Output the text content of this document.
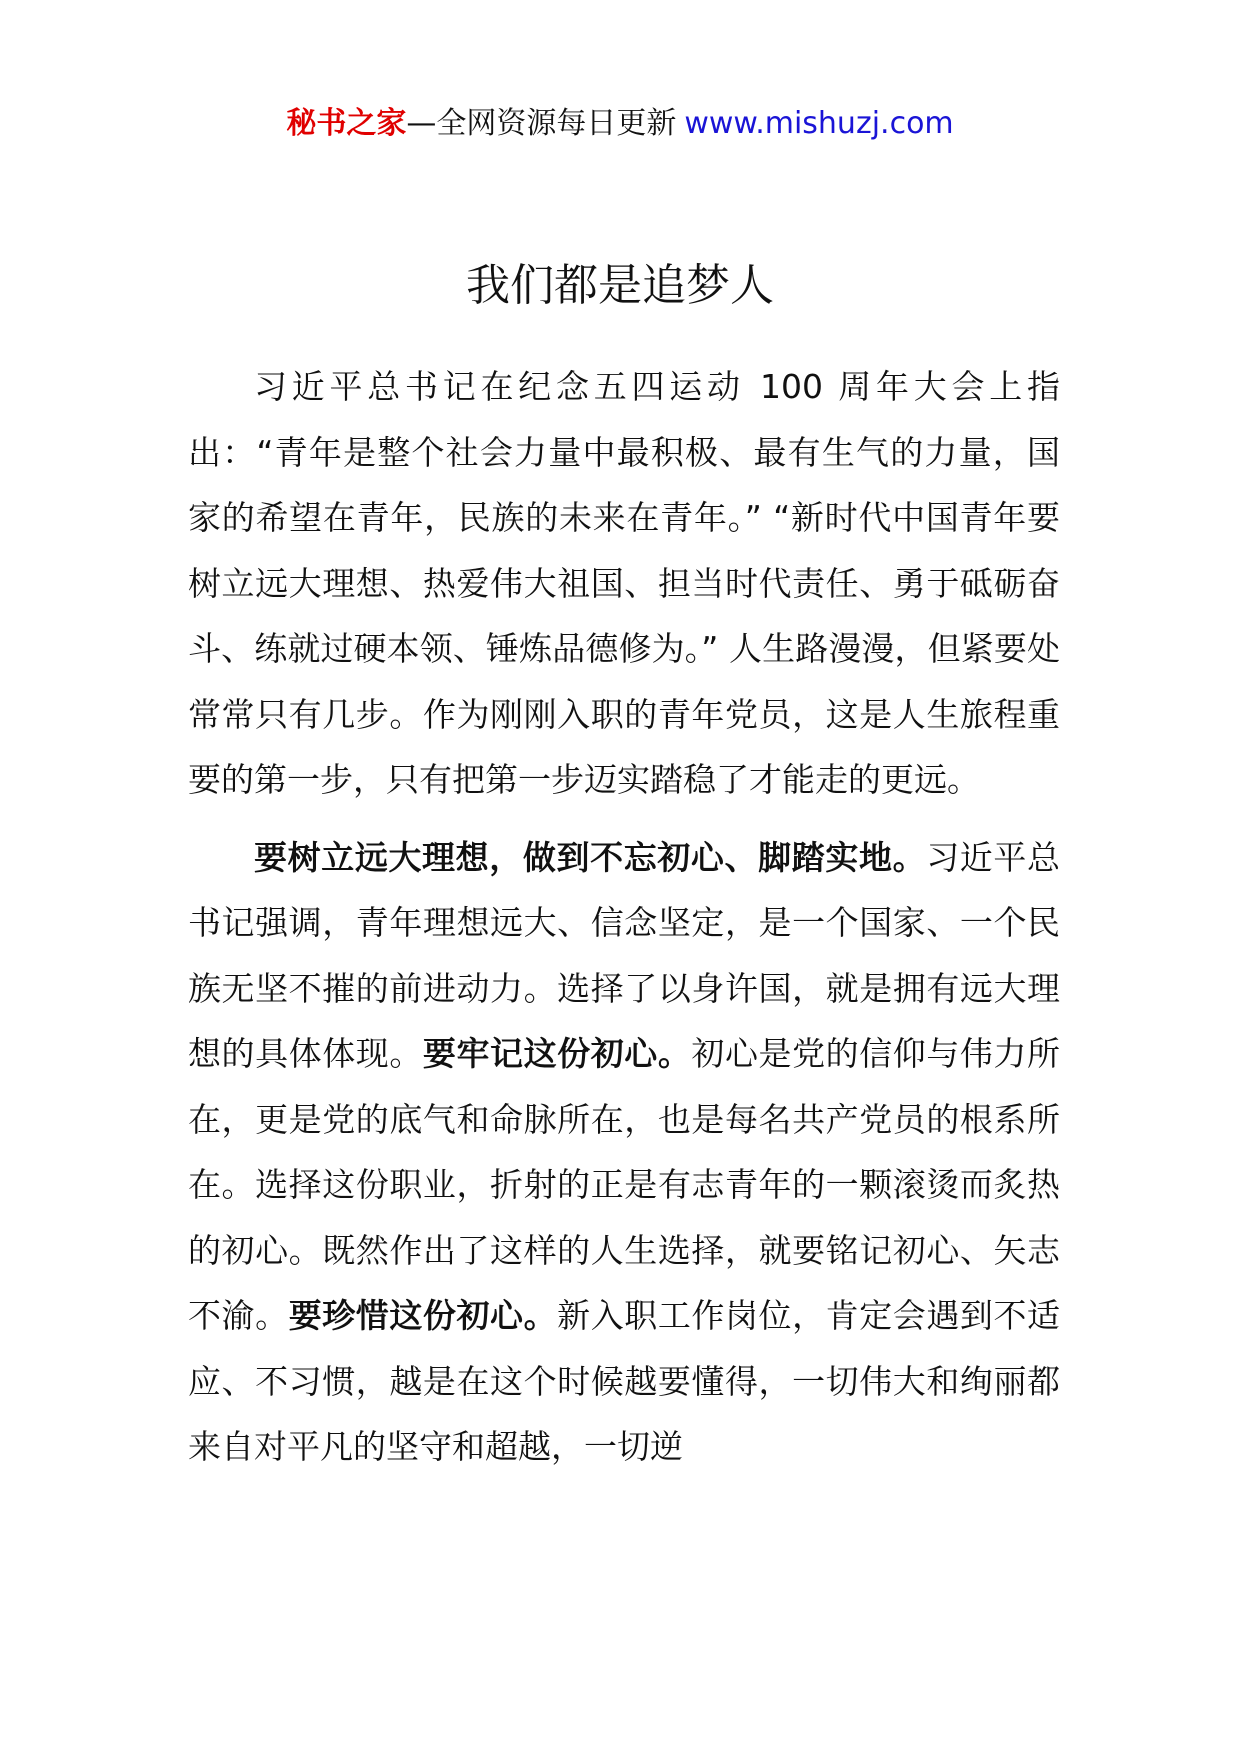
秘书之家—全网资源每日更新 www.mishuzj.com
我们都是追梦人

习近平总书记在纪念五四运动 100 周年大会上指出：“青年是整个社会力量中最积极、最有生气的力量，国家的希望在青年，民族的未来在青年。” “新时代中国青年要树立远大理想、热爱伟大祖国、担当时代责任、勇于砥砺奋斗、练就过硬本领、锤炼品德修为。” 人生路漫漫，但紧要处常常只有几步。作为刚刚入职的青年党员，这是人生旅程重要的第一步，只有把第一步迈实踏稳了才能走的更远。

要树立远大理想，做到不忘初心、脚踏实地。习近平总书记强调，青年理想远大、信念坚定，是一个国家、一个民族无坚不摧的前进动力。选择了以身许国，就是拥有远大理想的具体体现。要牢记这份初心。初心是党的信仰与伟力所在，更是党的底气和命脉所在，也是每名共产党员的根系所在。选择这份职业，折射的正是有志青年的一颗滚烫而炙热的初心。既然作出了这样的人生选择，就要铭记初心、矢志不渝。要珍惜这份初心。新入职工作岗位，肯定会遇到不适应、不习惯，越是在这个时候越要懂得，一切伟大和绚丽都来自对平凡的坚守和超越，一切逆
